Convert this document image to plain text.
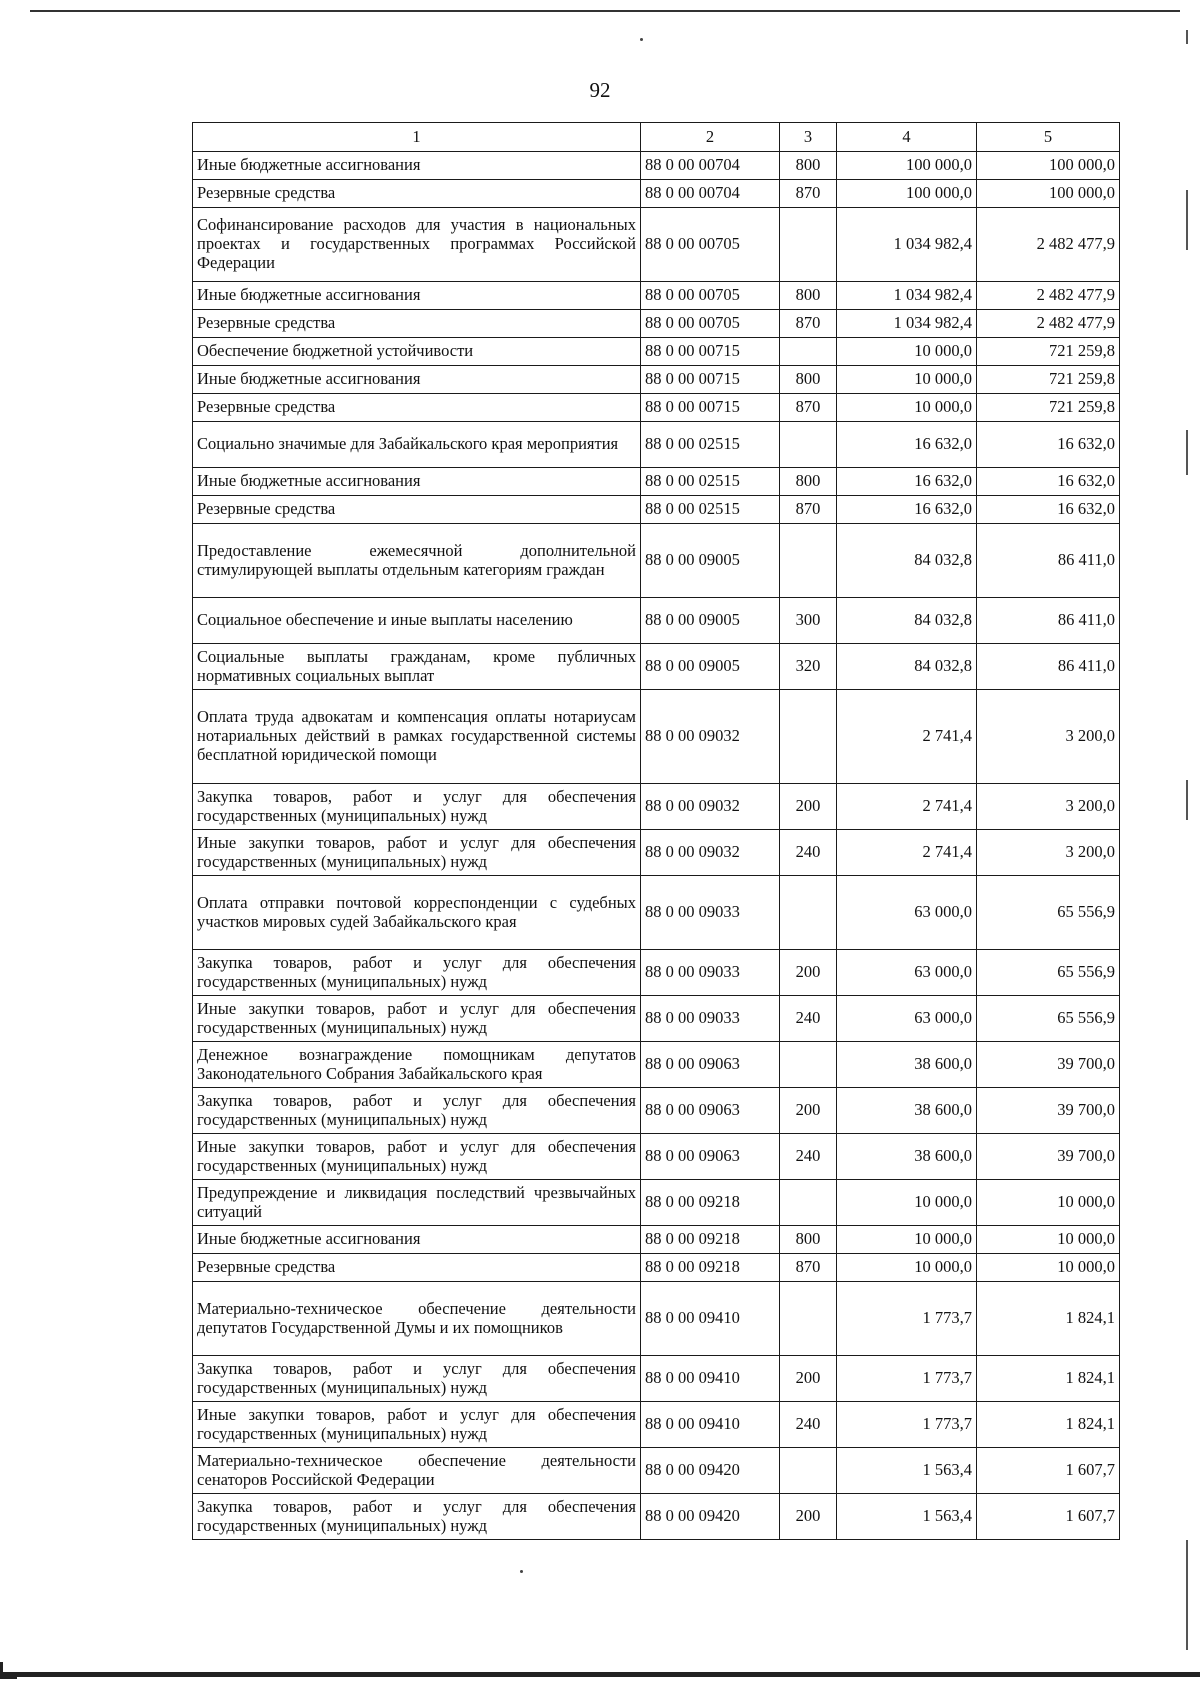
92
1	2	3	4	5
Иные бюджетные ассигнования	88 0 00 00704	800	100 000,0	100 000,0
Резервные средства	88 0 00 00704	870	100 000,0	100 000,0
Софинансирование расходов для участия в национальных проектах и государственных программах Российской Федерации	88 0 00 00705		1 034 982,4	2 482 477,9
Иные бюджетные ассигнования	88 0 00 00705	800	1 034 982,4	2 482 477,9
Резервные средства	88 0 00 00705	870	1 034 982,4	2 482 477,9
Обеспечение бюджетной устойчивости	88 0 00 00715		10 000,0	721 259,8
Иные бюджетные ассигнования	88 0 00 00715	800	10 000,0	721 259,8
Резервные средства	88 0 00 00715	870	10 000,0	721 259,8
Социально значимые для Забайкальского края мероприятия	88 0 00 02515		16 632,0	16 632,0
Иные бюджетные ассигнования	88 0 00 02515	800	16 632,0	16 632,0
Резервные средства	88 0 00 02515	870	16 632,0	16 632,0
Предоставление ежемесячной дополнительной стимулирующей выплаты отдельным категориям граждан	88 0 00 09005		84 032,8	86 411,0
Социальное обеспечение и иные выплаты населению	88 0 00 09005	300	84 032,8	86 411,0
Социальные выплаты гражданам, кроме публичных нормативных социальных выплат	88 0 00 09005	320	84 032,8	86 411,0
Оплата труда адвокатам и компенсация оплаты нотариусам нотариальных действий в рамках государственной системы бесплатной юридической помощи	88 0 00 09032		2 741,4	3 200,0
Закупка товаров, работ и услуг для обеспечения государственных (муниципальных) нужд	88 0 00 09032	200	2 741,4	3 200,0
Иные закупки товаров, работ и услуг для обеспечения государственных (муниципальных) нужд	88 0 00 09032	240	2 741,4	3 200,0
Оплата отправки почтовой корреспонденции с судебных участков мировых судей Забайкальского края	88 0 00 09033		63 000,0	65 556,9
Закупка товаров, работ и услуг для обеспечения государственных (муниципальных) нужд	88 0 00 09033	200	63 000,0	65 556,9
Иные закупки товаров, работ и услуг для обеспечения государственных (муниципальных) нужд	88 0 00 09033	240	63 000,0	65 556,9
Денежное вознаграждение помощникам депутатов Законодательного Собрания Забайкальского края	88 0 00 09063		38 600,0	39 700,0
Закупка товаров, работ и услуг для обеспечения государственных (муниципальных) нужд	88 0 00 09063	200	38 600,0	39 700,0
Иные закупки товаров, работ и услуг для обеспечения государственных (муниципальных) нужд	88 0 00 09063	240	38 600,0	39 700,0
Предупреждение и ликвидация последствий чрезвычайных ситуаций	88 0 00 09218		10 000,0	10 000,0
Иные бюджетные ассигнования	88 0 00 09218	800	10 000,0	10 000,0
Резервные средства	88 0 00 09218	870	10 000,0	10 000,0
Материально-техническое обеспечение деятельности депутатов Государственной Думы и их помощников	88 0 00 09410		1 773,7	1 824,1
Закупка товаров, работ и услуг для обеспечения государственных (муниципальных) нужд	88 0 00 09410	200	1 773,7	1 824,1
Иные закупки товаров, работ и услуг для обеспечения государственных (муниципальных) нужд	88 0 00 09410	240	1 773,7	1 824,1
Материально-техническое обеспечение деятельности сенаторов Российской Федерации	88 0 00 09420		1 563,4	1 607,7
Закупка товаров, работ и услуг для обеспечения государственных (муниципальных) нужд	88 0 00 09420	200	1 563,4	1 607,7
